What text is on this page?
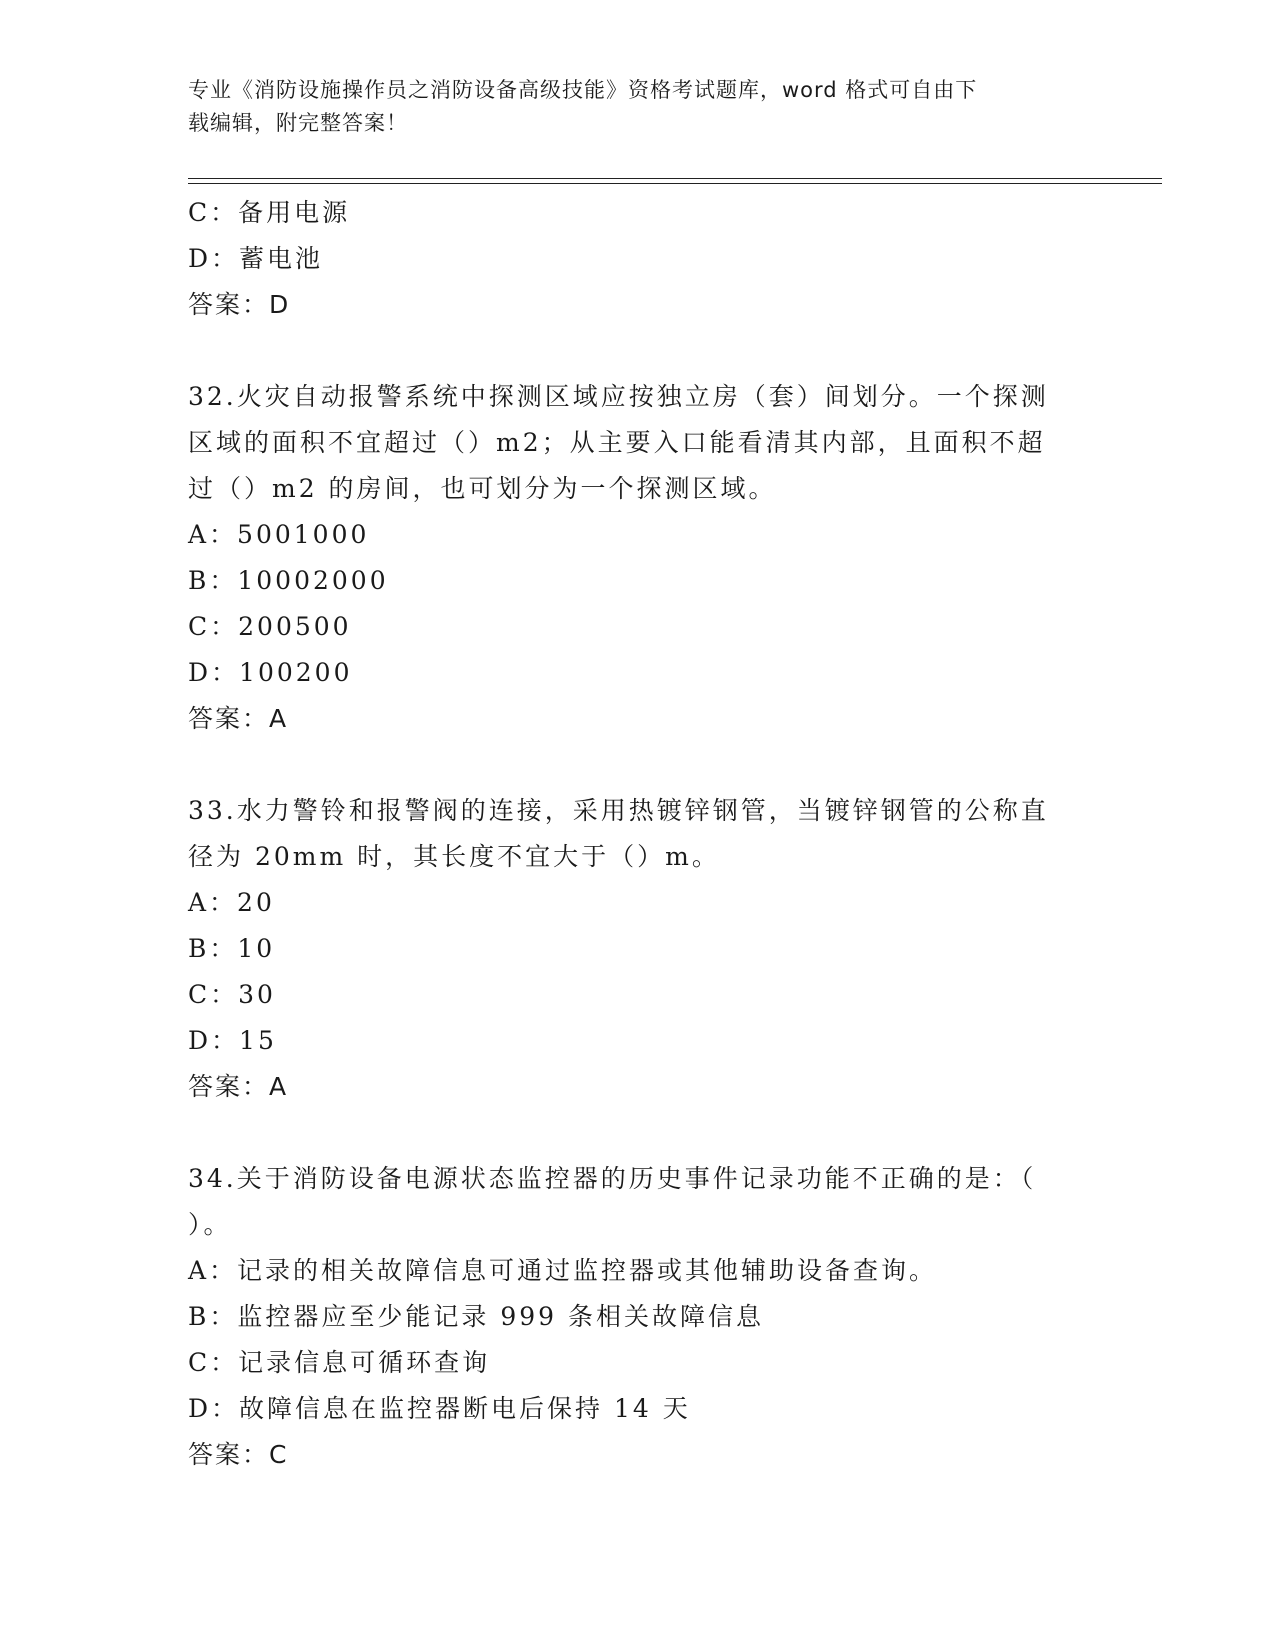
专业《消防设施操作员之消防设备高级技能》资格考试题库，word 格式可自由下
载编辑，附完整答案！
C：备用电源
D：蓄电池
答案：D
32.火灾自动报警系统中探测区域应按独立房（套）间划分。一个探测
区域的面积不宜超过（）m2；从主要入口能看清其内部，且面积不超
过（）m2 的房间，也可划分为一个探测区域。
A：5001000
B：10002000
C：200500
D：100200
答案：A
33.水力警铃和报警阀的连接，采用热镀锌钢管，当镀锌钢管的公称直
径为 20mm 时，其长度不宜大于（）m。
A：20
B：10
C：30
D：15
答案：A
34.关于消防设备电源状态监控器的历史事件记录功能不正确的是：（
）。
A：记录的相关故障信息可通过监控器或其他辅助设备查询。
B：监控器应至少能记录 999 条相关故障信息
C：记录信息可循环查询
D：故障信息在监控器断电后保持 14 天
答案：C
